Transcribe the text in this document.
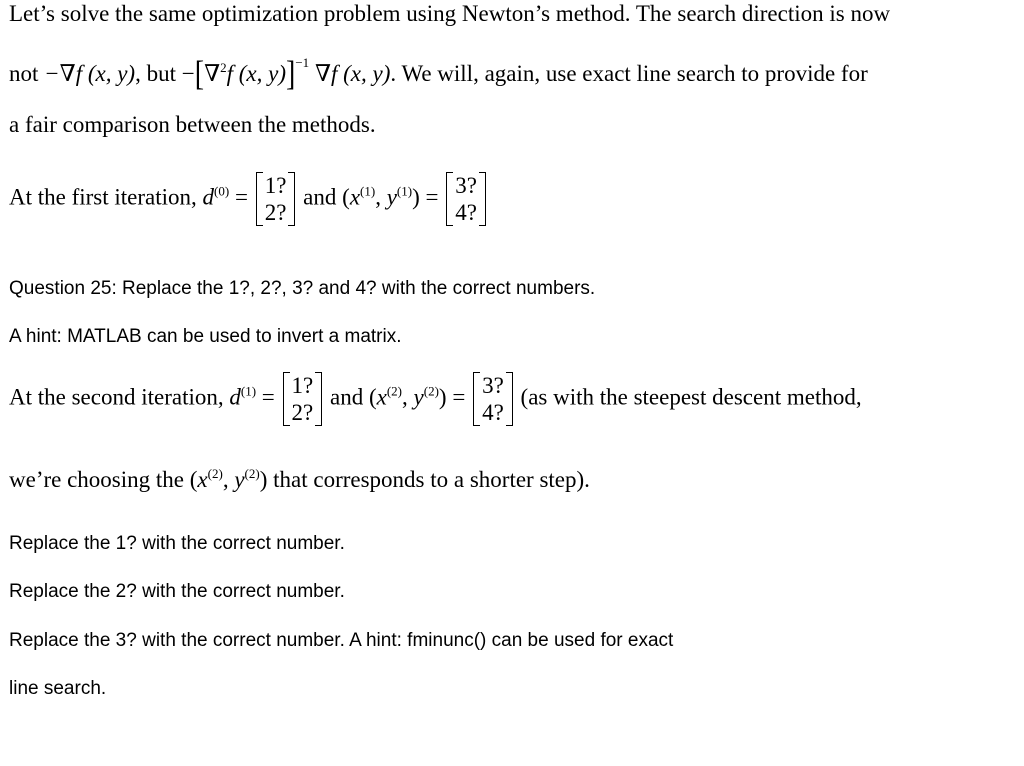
Let’s solve the same optimization problem using Newton’s method. The search direction is now
not −∇f (x, y), but −[∇$^2$f (x, y)]$^{-1}$ ∇f (x, y). We will, again, use exact line search to provide for
a fair comparison between the methods.
At the first iteration, $d^{(0)} = 1$?
2?
and ($x^{(1)}$, $y^{(1)}) = 3$?
4?
Question 25: Replace the 1?, 2?, 3? and 4? with the correct numbers.
A hint: MATLAB can be used to invert a matrix.
At the second iteration, $d^{(1)} = 1$?
2?
and ($x^{(2)}$, $y^{(2)}) = 3$?
4?
(as with the steepest descent method,
we’re choosing the ($x^{(2)}$, $y^{(2)}$) that corresponds to a shorter step).
Replace the 1? with the correct number.
Replace the 2? with the correct number.
Replace the 3? with the correct number. A hint: fminunc() can be used for exact
line search.
